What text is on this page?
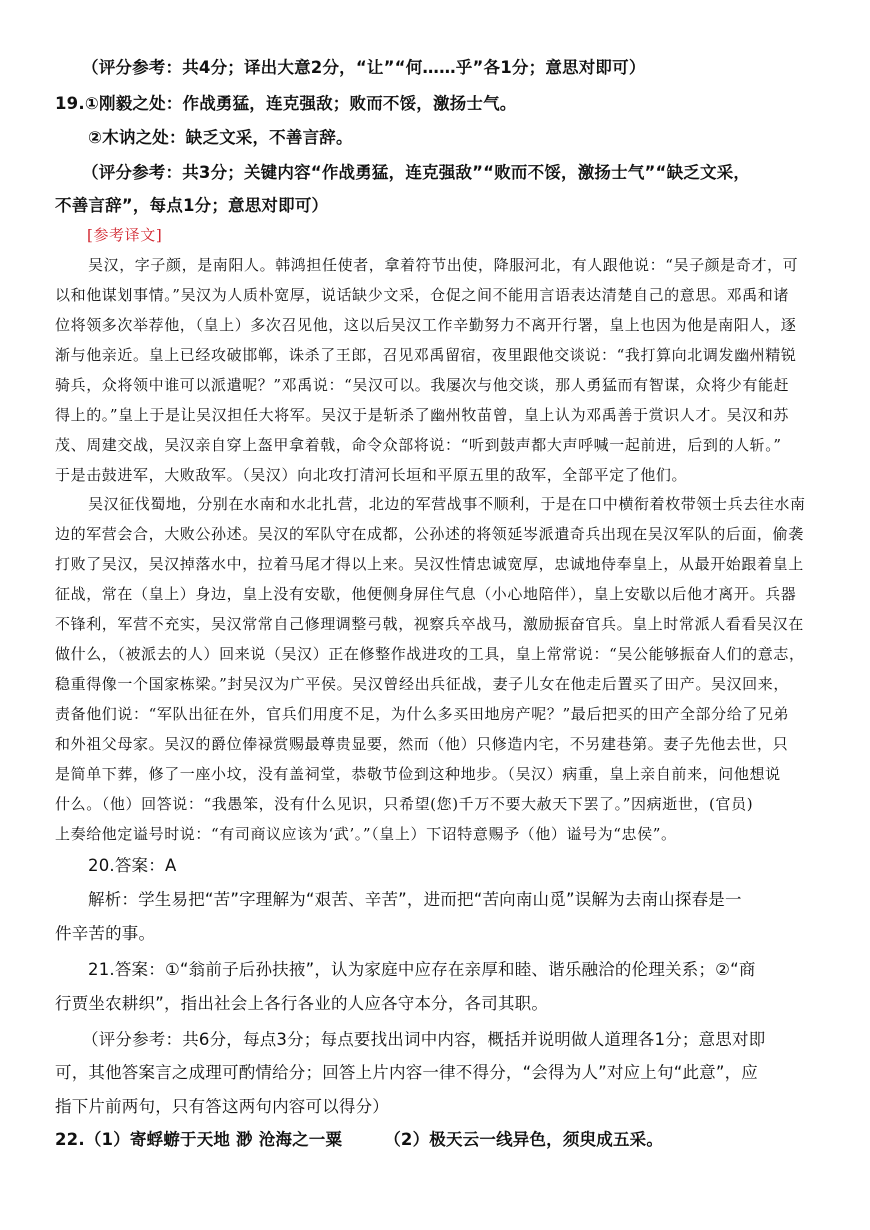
（评分参考：共4分；译出大意2分，“让”“何……乎”各1分；意思对即可）
19.①刚毅之处：作战勇猛，连克强敌；败而不馁，激扬士气。
②木讷之处：缺乏文采，不善言辞。
（评分参考：共3分；关键内容“作战勇猛，连克强敌”“败而不馁，激扬士气”“缺乏文采，
不善言辞”，每点1分；意思对即可）
[参考译文]
吴汉，字子颜，是南阳人。韩鸿担任使者，拿着符节出使，降服河北，有人跟他说：“吴子颜是奇才，可
以和他谋划事情。”吴汉为人质朴宽厚，说话缺少文采，仓促之间不能用言语表达清楚自己的意思。邓禹和诸
位将领多次举荐他，（皇上）多次召见他，这以后吴汉工作辛勤努力不离开行署，皇上也因为他是南阳人，逐
渐与他亲近。皇上已经攻破邯郸，诛杀了王郎，召见邓禹留宿，夜里跟他交谈说：“我打算向北调发幽州精锐
骑兵，众将领中谁可以派遣呢？”邓禹说：“吴汉可以。我屡次与他交谈，那人勇猛而有智谋，众将少有能赶
得上的。”皇上于是让吴汉担任大将军。吴汉于是斩杀了幽州牧苗曾，皇上认为邓禹善于赏识人才。吴汉和苏
茂、周建交战，吴汉亲自穿上盔甲拿着戟，命令众部将说：“听到鼓声都大声呼喊一起前进，后到的人斩。”
于是击鼓进军，大败敌军。（吴汉）向北攻打清河长垣和平原五里的敌军，全部平定了他们。
吴汉征伐蜀地，分别在水南和水北扎营，北边的军营战事不顺利，于是在口中横衔着枚带领士兵去往水南
边的军营会合，大败公孙述。吴汉的军队守在成都，公孙述的将领延岑派遣奇兵出现在吴汉军队的后面，偷袭
打败了吴汉，吴汉掉落水中，拉着马尾才得以上来。吴汉性情忠诚宽厚，忠诚地侍奉皇上，从最开始跟着皇上
征战，常在（皇上）身边，皇上没有安歇，他便侧身屏住气息（小心地陪伴），皇上安歇以后他才离开。兵器
不锋利，军营不充实，吴汉常常自己修理调整弓戟，视察兵卒战马，激励振奋官兵。皇上时常派人看看吴汉在
做什么，（被派去的人）回来说（吴汉）正在修整作战进攻的工具，皇上常常说：“吴公能够振奋人们的意志，
稳重得像一个国家栋梁。”封吴汉为广平侯。吴汉曾经出兵征战，妻子儿女在他走后置买了田产。吴汉回来，
责备他们说：“军队出征在外，官兵们用度不足，为什么多买田地房产呢？”最后把买的田产全部分给了兄弟
和外祖父母家。吴汉的爵位俸禄赏赐最尊贵显要，然而（他）只修造内宅，不另建巷第。妻子先他去世，只
是简单下葬，修了一座小坟，没有盖祠堂，恭敬节俭到这种地步。（吴汉）病重，皇上亲自前来，问他想说
什么。（他）回答说：“我愚笨，没有什么见识，只希望(您)千万不要大赦天下罢了。”因病逝世，(官员)
上奏给他定谥号时说：“有司商议应该为‘武’。”（皇上）下诏特意赐予（他）谥号为“忠侯”。
20.答案：A
解析：学生易把“苦”字理解为“艰苦、辛苦”，进而把“苦向南山觅”误解为去南山探春是一
件辛苦的事。
21.答案：①“翁前子后孙扶掖”，认为家庭中应存在亲厚和睦、谐乐融洽的伦理关系；②“商
行贾坐农耕织”，指出社会上各行各业的人应各守本分，各司其职。
（评分参考：共6分，每点3分；每点要找出词中内容，概括并说明做人道理各1分；意思对即
可，其他答案言之成理可酌情给分；回答上片内容一律不得分，“会得为人”对应上句“此意”，应
指下片前两句，只有答这两句内容可以得分）
22.（1）寄蜉蝣于天地 渺 沧海之一粟	（2）极天云一线异色，须臾成五采。
